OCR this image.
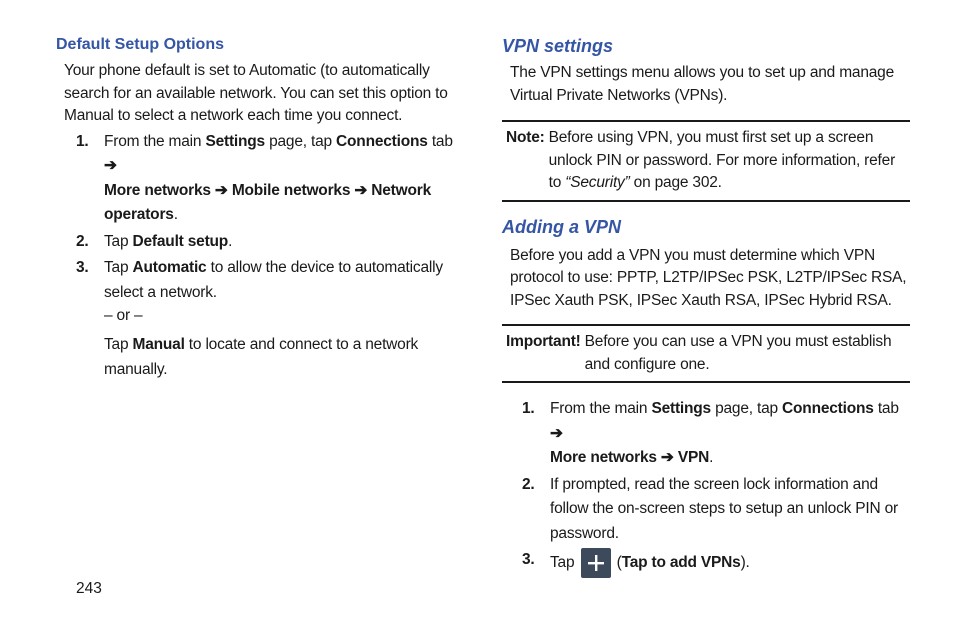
Default Setup Options

Your phone default is set to Automatic (to automatically search for an available network. You can set this option to Manual to select a network each time you connect.

1. From the main Settings page, tap Connections tab ➔
More networks ➔ Mobile networks ➔ Network operators.
2. Tap Default setup.
3. Tap Automatic to allow the device to automatically select a network.
– or –
Tap Manual to locate and connect to a network manually.
VPN settings

The VPN settings menu allows you to set up and manage Virtual Private Networks (VPNs).

Note: Before using VPN, you must first set up a screen unlock PIN or password. For more information, refer to “Security” on page 302.
Adding a VPN

Before you add a VPN you must determine which VPN protocol to use: PPTP, L2TP/IPSec PSK, L2TP/IPSec RSA, IPSec Xauth PSK, IPSec Xauth RSA, IPSec Hybrid RSA.

Important! Before you can use a VPN you must establish and configure one.
1. From the main Settings page, tap Connections tab ➔
More networks ➔ VPN.
2. If prompted, read the screen lock information and follow the on-screen steps to setup an unlock PIN or password.
3. Tap
(Tap to add VPNs).
243
